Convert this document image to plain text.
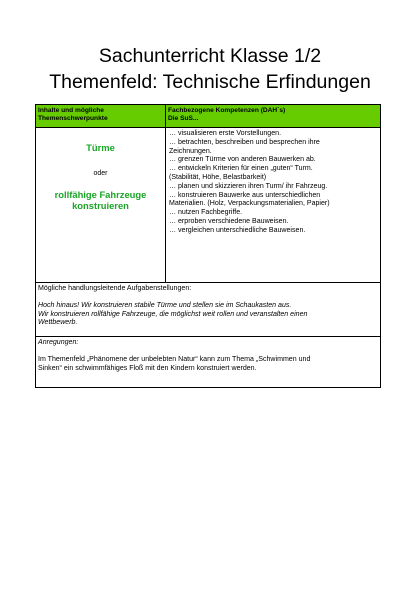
Sachunterricht Klasse 1/2
Themenfeld: Technische Erfindungen
Inhalte und mögliche
Themenschwerpunkte
Fachbezogene Kompetenzen (DAH´s)
Die SuS...
Türme
oder
rollfähige Fahrzeuge
konstruieren
… visualisieren erste Vorstellungen.
… betrachten, beschreiben und besprechen ihre
Zeichnungen.
… grenzen Türme von anderen Bauwerken ab.
… entwickeln Kriterien für einen „guten“ Turm.
(Stabilität, Höhe, Belastbarkeit)
… planen und skizzieren ihren Turm/ ihr Fahrzeug.
… konstruieren Bauwerke aus unterschiedlichen
Materialien. (Holz, Verpackungsmaterialien, Papier)
… nutzen Fachbegriffe.
… erproben verschiedene Bauweisen.
… vergleichen unterschiedliche Bauweisen.
Mögliche handlungsleitende Aufgabenstellungen:
Hoch hinaus! Wir konstruieren stabile Türme und stellen sie im Schaukasten aus.
Wir konstruieren rollfähige Fahrzeuge, die möglichst weit rollen und veranstalten einen
Wettbewerb.
Anregungen:
Im Themenfeld „Phänomene der unbelebten Natur“ kann zum Thema „Schwimmen und
Sinken“ ein schwimmfähiges Floß mit den Kindern konstruiert werden.
